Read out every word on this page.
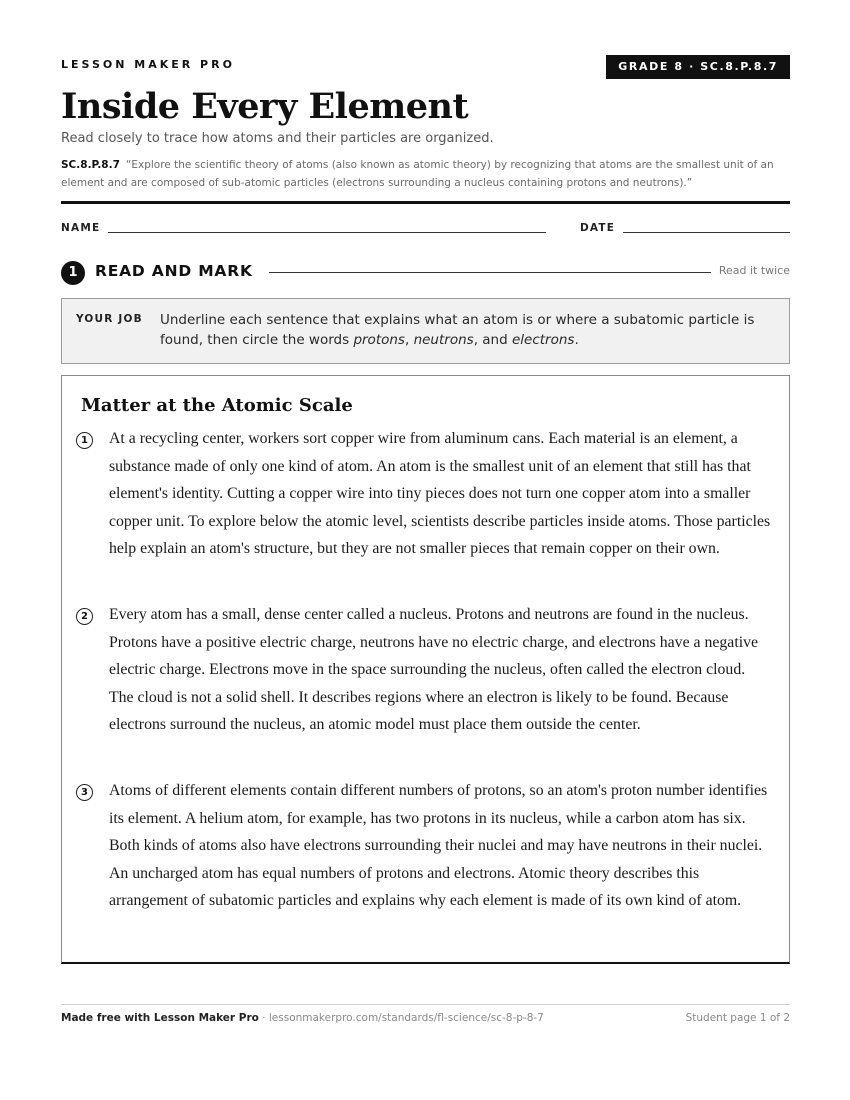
LESSON MAKER PRO	GRADE 8 · SC.8.P.8.7
Inside Every Element
Read closely to trace how atoms and their particles are organized.
SC.8.P.8.7 “Explore the scientific theory of atoms (also known as atomic theory) by recognizing that atoms are the smallest unit of an element and are composed of sub-atomic particles (electrons surrounding a nucleus containing protons and neutrons).”
NAME	DATE
1	READ AND MARK	Read it twice
YOUR JOB Underline each sentence that explains what an atom is or where a subatomic particle is found, then circle the words protons, neutrons, and electrons.
Matter at the Atomic Scale
1	At a recycling center, workers sort copper wire from aluminum cans. Each material is an element, a substance made of only one kind of atom. An atom is the smallest unit of an element that still has that element's identity. Cutting a copper wire into tiny pieces does not turn one copper atom into a smaller copper unit. To explore below the atomic level, scientists describe particles inside atoms. Those particles help explain an atom's structure, but they are not smaller pieces that remain copper on their own.

2	Every atom has a small, dense center called a nucleus. Protons and neutrons are found in the nucleus. Protons have a positive electric charge, neutrons have no electric charge, and electrons have a negative electric charge. Electrons move in the space surrounding the nucleus, often called the electron cloud. The cloud is not a solid shell. It describes regions where an electron is likely to be found. Because electrons surround the nucleus, an atomic model must place them outside the center.

3	Atoms of different elements contain different numbers of protons, so an atom's proton number identifies its element. A helium atom, for example, has two protons in its nucleus, while a carbon atom has six. Both kinds of atoms also have electrons surrounding their nuclei and may have neutrons in their nuclei. An uncharged atom has equal numbers of protons and electrons. Atomic theory describes this arrangement of subatomic particles and explains why each element is made of its own kind of atom.

Made free with Lesson Maker Pro · lessonmakerpro.com/standards/fl-science/sc-8-p-8-7	Student page 1 of 2
